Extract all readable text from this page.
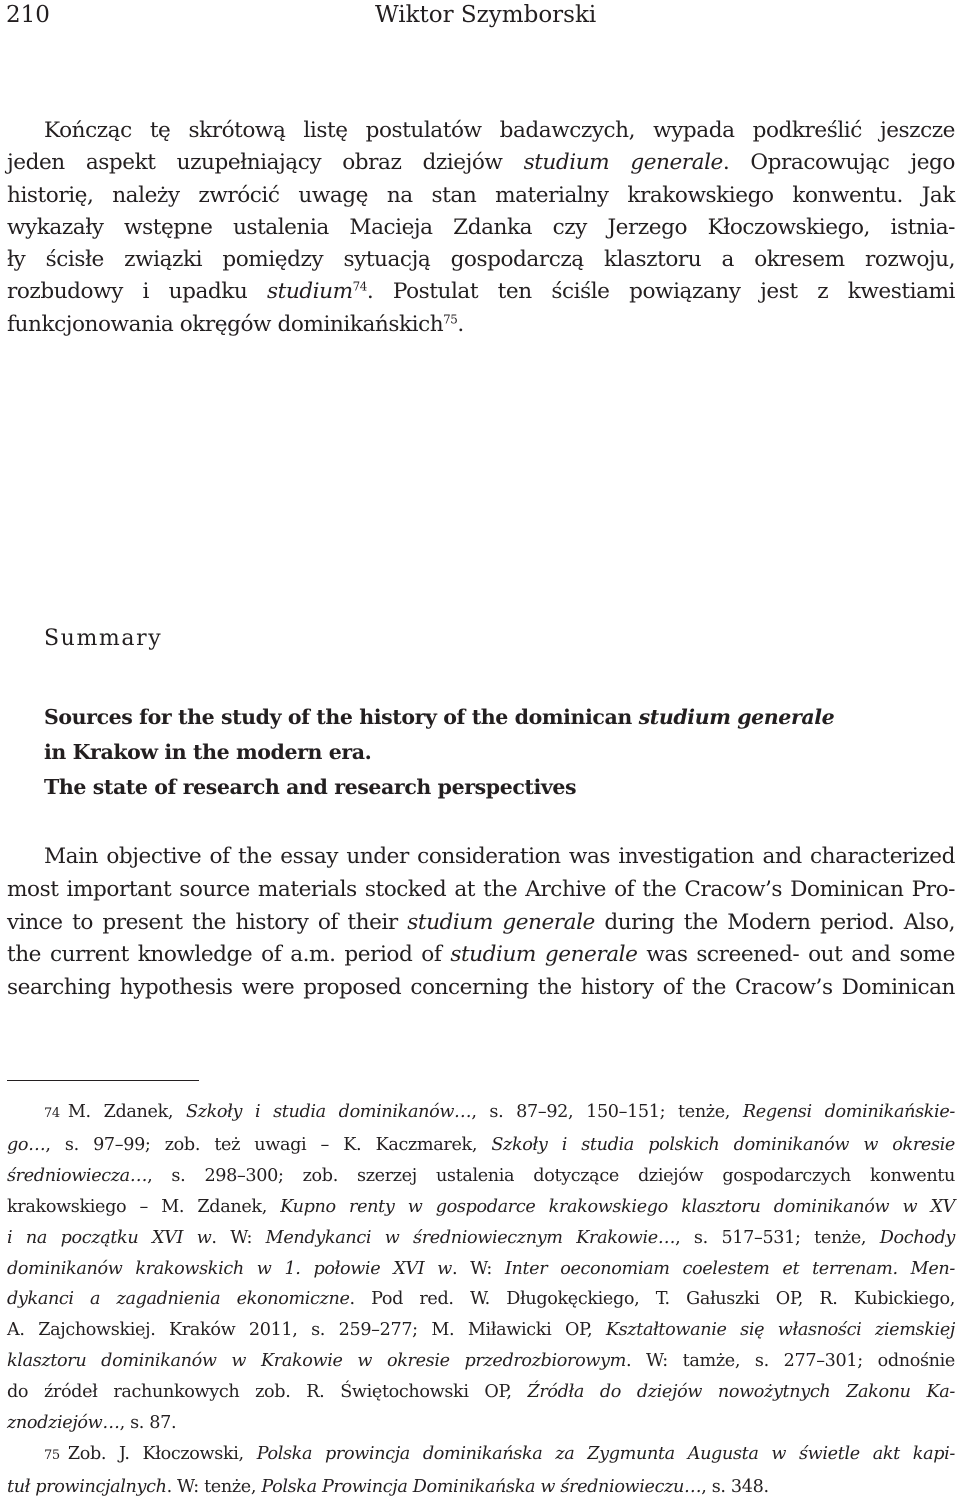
210	Wiktor Szymborski
Kończąc tę skrótową listę postulatów badawczych, wypada podkreślić jeszcze
jeden aspekt uzupełniający obraz dziejów studium generale. Opracowując jego
historię, należy zwrócić uwagę na stan materialny krakowskiego konwentu. Jak
wykazały wstępne ustalenia Macieja Zdanka czy Jerzego Kłoczowskiego, istnia-
ły ścisłe związki pomiędzy sytuacją gospodarczą klasztoru a okresem rozwoju,
rozbudowy i upadku studium$^{74}$. Postulat ten ściśle powiązany jest z kwestiami
funkcjonowania okręgów dominikańskich$^{75}$.
Summary
Sources for the study of the history of the dominican studium generale
in Krakow in the modern era.
The state of research and research perspectives
Main objective of the essay under consideration was investigation and characterized
most important source materials stocked at the Archive of the Cracow’s Dominican Pro-
vince to present the history of their studium generale during the Modern period. Also,
the current knowledge of a.m. period of studium generale was screened- out and some
searching hypothesis were proposed concerning the history of the Cracow’s Dominican
74 M. Zdanek, Szkoły i studia dominikanów…, s. 87–92, 150–151; tenże, Regensi dominikańskie-
go…, s. 97–99; zob. też uwagi – K. Kaczmarek, Szkoły i studia polskich dominikanów w okresie
średniowiecza…, s. 298–300; zob. szerzej ustalenia dotyczące dziejów gospodarczych konwentu
krakowskiego – M. Zdanek, Kupno renty w gospodarce krakowskiego klasztoru dominikanów w XV
i na początku XVI w. W: Mendykanci w średniowiecznym Krakowie…, s. 517–531; tenże, Dochody
dominikanów krakowskich w 1. połowie XVI w. W: Inter oeconomiam coelestem et terrenam. Men-
dykanci a zagadnienia ekonomiczne. Pod red. W. Długokęckiego, T. Gałuszki OP, R. Kubickiego,
A. Zajchowskiej. Kraków 2011, s. 259–277; M. Miławicki OP, Kształtowanie się własności ziemskiej
klasztoru dominikanów w Krakowie w okresie przedrozbiorowym. W: tamże, s. 277–301; odnośnie
do źródeł rachunkowych zob. R. Świętochowski OP, Źródła do dziejów nowożytnych Zakonu Ka-
znodziejów…, s. 87.
75 Zob. J. Kłoczowski, Polska prowincja dominikańska za Zygmunta Augusta w świetle akt kapi-
tuł prowincjalnych. W: tenże, Polska Prowincja Dominikańska w średniowieczu…, s. 348.
